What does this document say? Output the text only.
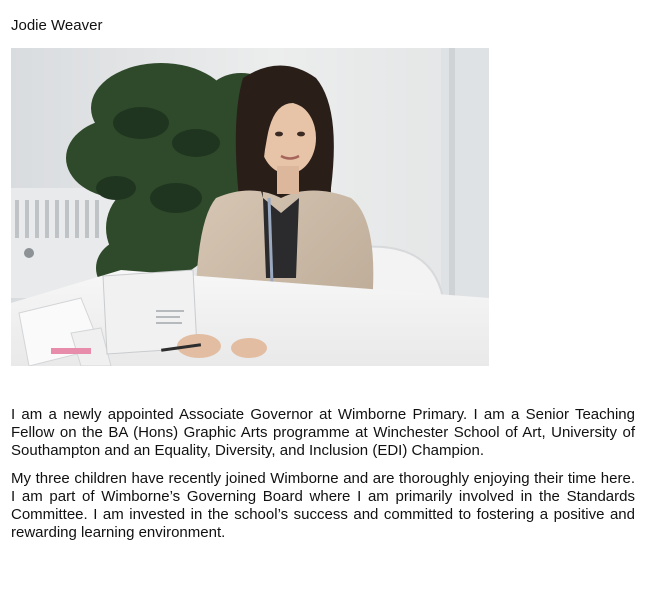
Jodie Weaver

I am a newly appointed Associate Governor at Wimborne Primary. I am a Senior Teaching Fellow on the BA (Hons) Graphic Arts programme at Winchester School of Art, University of Southampton and an Equality, Diversity, and Inclusion (EDI) Champion.

My three children have recently joined Wimborne and are thoroughly enjoying their time here. I am part of Wimborne’s Governing Board where I am primarily involved in the Standards Committee. I am invested in the school’s success and committed to fostering a positive and rewarding learning environment.
